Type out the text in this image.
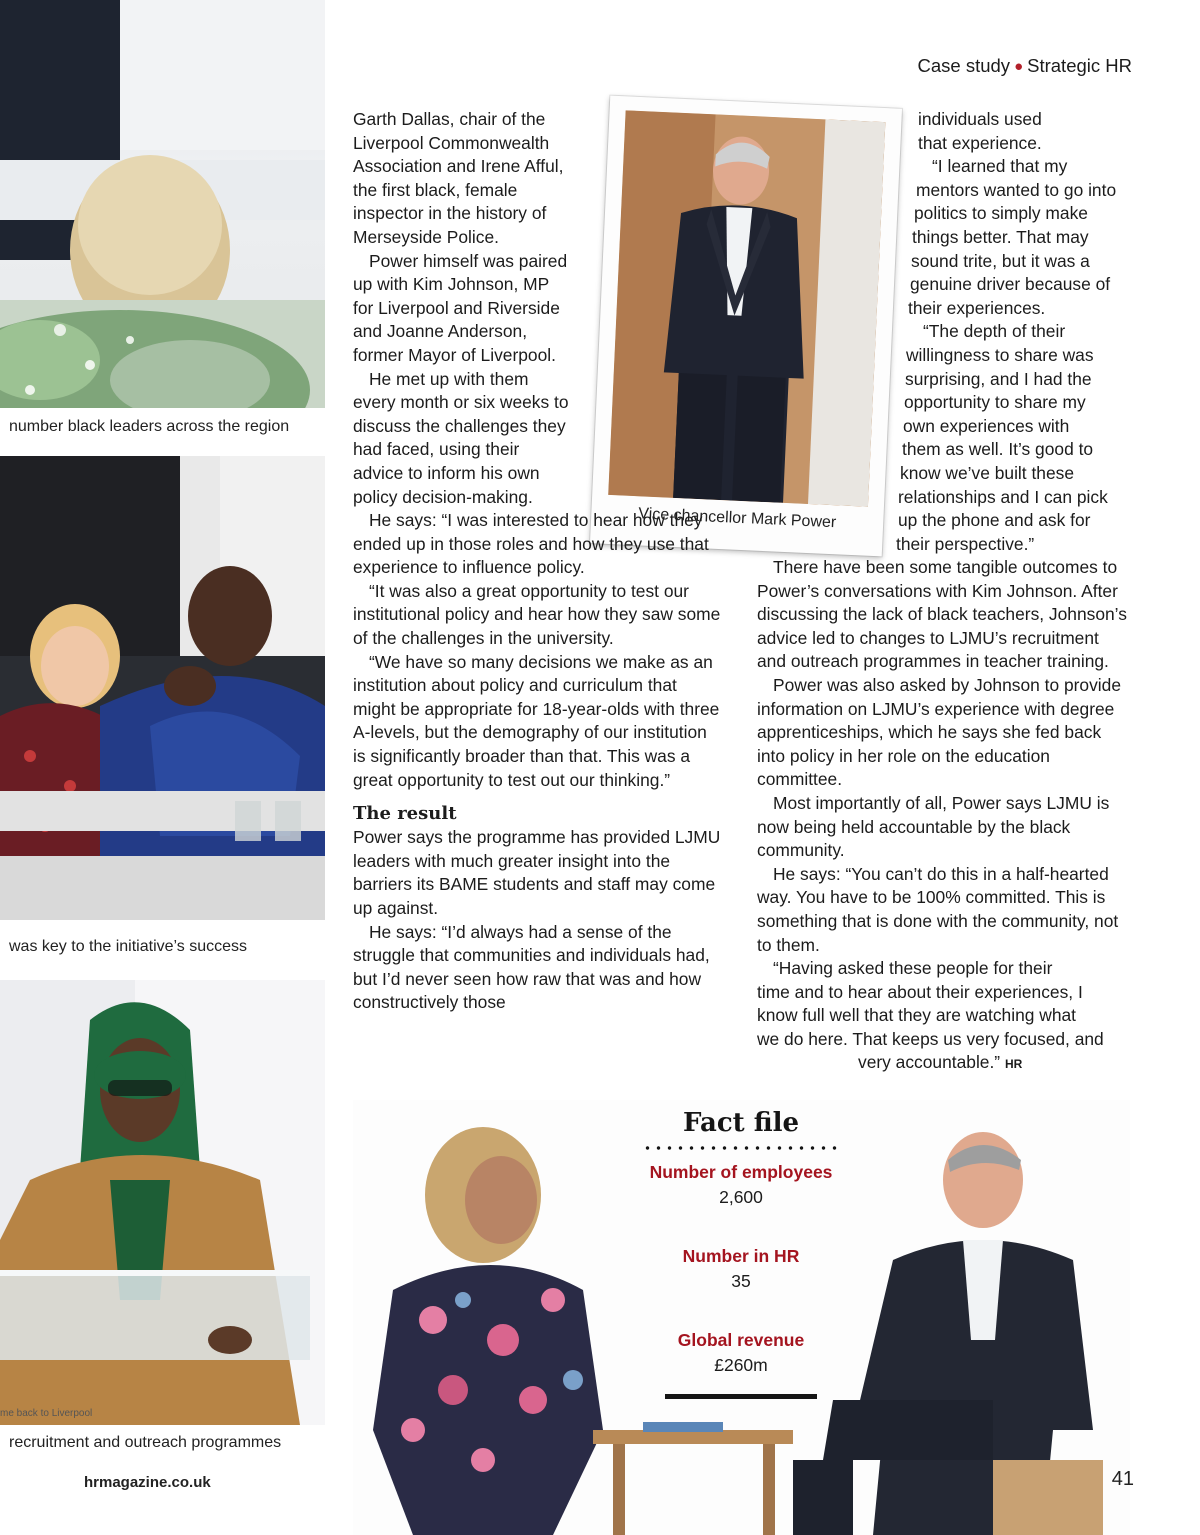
number black leaders across the region
was key to the initiative’s success
me back to Liverpool
recruitment and outreach programmes
Case study ● Strategic HR
Vice chancellor Mark Power

Garth Dallas, chair of the Liverpool Commonwealth Association and Irene Afful, the first black, female inspector in the history of Merseyside Police.

Power himself was paired up with Kim Johnson, MP for Liverpool and Riverside and Joanne Anderson, former Mayor of Liverpool.

He met up with them every month or six weeks to discuss the challenges they had faced, using their advice to inform his own policy decision-making.

He says: “I was interested to hear how they ended up in those roles and how they use that experience to influence policy.

“It was also a great opportunity to test our institutional policy and hear how they saw some of the challenges in the university.

“We have so many decisions we make as an institution about policy and curriculum that might be appropriate for 18-year-olds with three A-levels, but the demography of our institution is significantly broader than that. This was a great opportunity to test out our thinking.”

The result

Power says the programme has provided LJMU leaders with much greater insight into the barriers its BAME students and staff may come up against.

He says: “I’d always had a sense of the struggle that communities and individuals had, but I’d never seen how raw that was and how constructively those

individuals used
that experience.
“I learned that my
mentors wanted to go into
politics to simply make
things better. That may
sound trite, but it was a
genuine driver because of
their experiences.
“The depth of their
willingness to share was
surprising, and I had the
opportunity to share my
own experiences with
them as well. It’s good to
know we’ve built these
relationships and I can pick
up the phone and ask for
their perspective.”

There have been some tangible outcomes to Power’s conversations with Kim Johnson. After discussing the lack of black teachers, Johnson’s advice led to changes to LJMU’s recruitment and outreach programmes in teacher training.

Power was also asked by Johnson to provide information on LJMU’s experience with degree apprenticeships, which he says she fed back into policy in her role on the education committee.

Most importantly of all, Power says LJMU is now being held accountable by the black community.

He says: “You can’t do this in a half-hearted way. You have to be 100% committed. This is something that is done with the community, not to them.

“Having asked these people for their
time and to hear about their experiences, I
know full well that they are watching what
we do here. That keeps us very focused, and
very accountable.” HR
Fact file
Number of employees
2,600
Number in HR
35
Global revenue
£260m
hrmagazine.co.uk	41
